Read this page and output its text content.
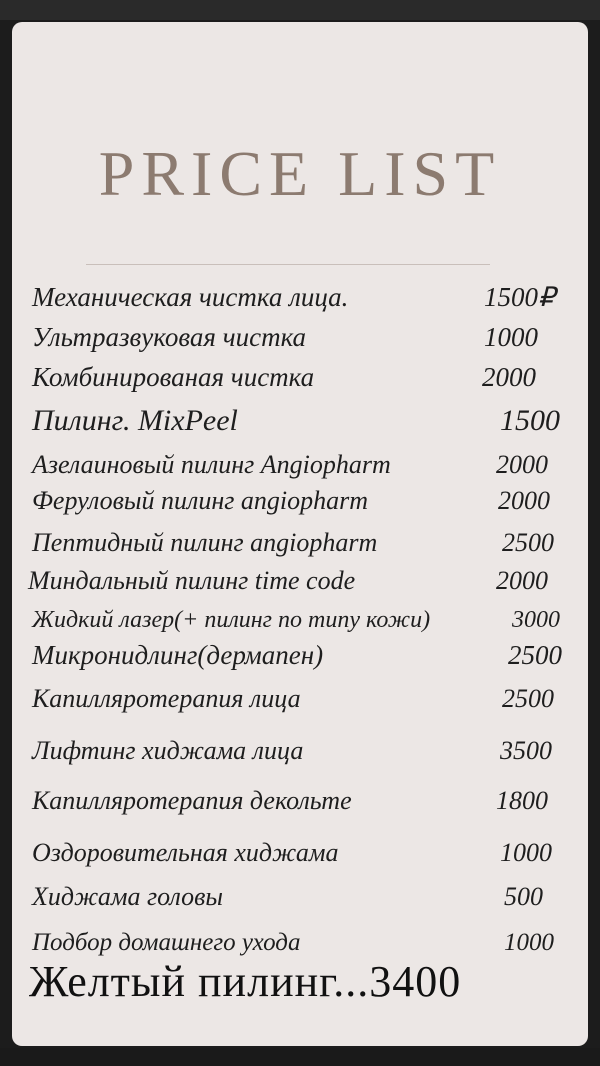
PRICE LIST
Механическая чистка лица.	1500₽
Ультразвуковая чистка	1000
Комбинированая чистка	2000
Пилинг. MixPeel	1500
Азелаиновый пилинг Angiopharm	2000
Феруловый пилинг angiopharm	2000
Пептидный пилинг angiopharm	2500
Миндальный пилинг time code	2000
Жидкий лазер(+ пилинг по типу кожи)	3000
Микронидлинг(дермапен)	2500
Капилляротерапия лица	2500
Лифтинг хиджама лица	3500
Капилляротерапия декольте	1800
Оздоровительная хиджама	1000
Хиджама головы	500
Подбор домашнего ухода	1000
Желтый пилинг...3400
